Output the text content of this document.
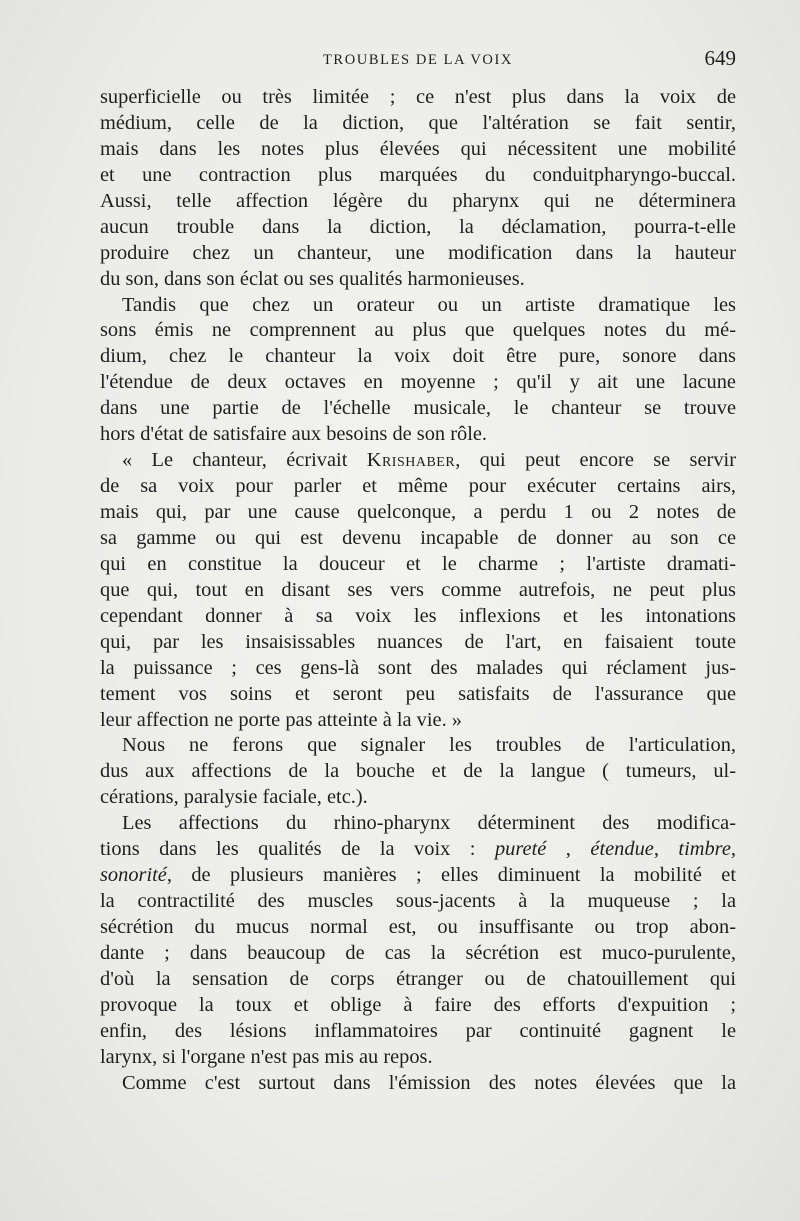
TROUBLES DE LA VOIX	649
superficielle ou très limitée ; ce n'est plus dans la voix de
médium, celle de la diction, que l'altération se fait sentir,
mais dans les notes plus élevées qui nécessitent une mobilité
et une contraction plus marquées du conduitpharyngo-buccal.
Aussi, telle affection légère du pharynx qui ne déterminera
aucun trouble dans la diction, la déclamation, pourra-t-elle
produire chez un chanteur, une modification dans la hauteur
du son, dans son éclat ou ses qualités harmonieuses.
Tandis que chez un orateur ou un artiste dramatique les
sons émis ne comprennent au plus que quelques notes du mé-
dium, chez le chanteur la voix doit être pure, sonore dans
l'étendue de deux octaves en moyenne ; qu'il y ait une lacune
dans une partie de l'échelle musicale, le chanteur se trouve
hors d'état de satisfaire aux besoins de son rôle.
« Le chanteur, écrivait Krishaber, qui peut encore se servir
de sa voix pour parler et même pour exécuter certains airs,
mais qui, par une cause quelconque, a perdu 1 ou 2 notes de
sa gamme ou qui est devenu incapable de donner au son ce
qui en constitue la douceur et le charme ; l'artiste dramati-
que qui, tout en disant ses vers comme autrefois, ne peut plus
cependant donner à sa voix les inflexions et les intonations
qui, par les insaisissables nuances de l'art, en faisaient toute
la puissance ; ces gens-là sont des malades qui réclament jus-
tement vos soins et seront peu satisfaits de l'assurance que
leur affection ne porte pas atteinte à la vie. »
Nous ne ferons que signaler les troubles de l'articulation,
dus aux affections de la bouche et de la langue ( tumeurs, ul-
cérations, paralysie faciale, etc.).
Les affections du rhino-pharynx déterminent des modifica-
tions dans les qualités de la voix : pureté , étendue, timbre,
sonorité, de plusieurs manières ; elles diminuent la mobilité et
la contractilité des muscles sous-jacents à la muqueuse ; la
sécrétion du mucus normal est, ou insuffisante ou trop abon-
dante ; dans beaucoup de cas la sécrétion est muco-purulente,
d'où la sensation de corps étranger ou de chatouillement qui
provoque la toux et oblige à faire des efforts d'expuition ;
enfin, des lésions inflammatoires par continuité gagnent le
larynx, si l'organe n'est pas mis au repos.
Comme c'est surtout dans l'émission des notes élevées que la
